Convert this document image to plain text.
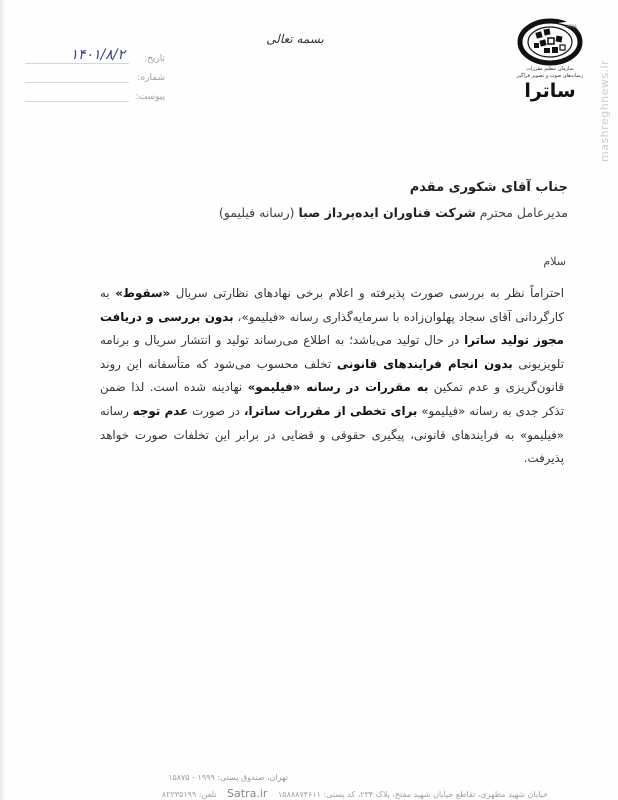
SATRA
سازمان تنظیم مقررات
رسانه‌های صوت و تصویر فراگیر
ساترا	mashreghnews.ir
بسمه تعالی
تاریخ:
۱۴۰۱/۸/۲
شماره:
پیوست:
جناب آقای شکوری مقدم
مدیرعامل محترم شرکت فناوران ایده‌پرداز صبا (رسانه فیلیمو)
سلام
احتراماً نظر به بررسی صورت پذیرفته و اعلام برخی نهادهای نظارتی سریال «سقوط» به کارگردانی آقای سجاد پهلوان‌زاده با سرمایه‌گذاری رسانه «فیلیمو»، بدون بررسی و دریافت مجوز تولید ساترا در حال تولید می‌باشد؛ به اطلاع می‌رساند تولید و انتشار سریال و برنامه تلویزیونی بدون انجام فرایندهای قانونی تخلف محسوب می‌شود که متأسفانه این روند قانون‌گریزی و عدم تمکین به مقررات در رسانه «فیلیمو» نهادینه شده است. لذا ضمن تذکر جدی به رسانه «فیلیمو» برای تخطی از مقررات ساترا، در صورت عدم توجه رسانه «فیلیمو» به فرایندهای قانونی، پیگیری حقوقی و قضایی در برابر این تخلفات صورت خواهد پذیرفت.
تهران، صندوق پستی: ۱۹۹۹ - ۱۵۸۷۵
خیابان شهید مطهری، تقاطع خیابان شهید مفتح، پلاک ۲۳۴، کد پستی: ۱۵۸۸۸۷۴۶۱۱ Satra.ir تلفن: ۸۲۲۳۵۱۹۹
